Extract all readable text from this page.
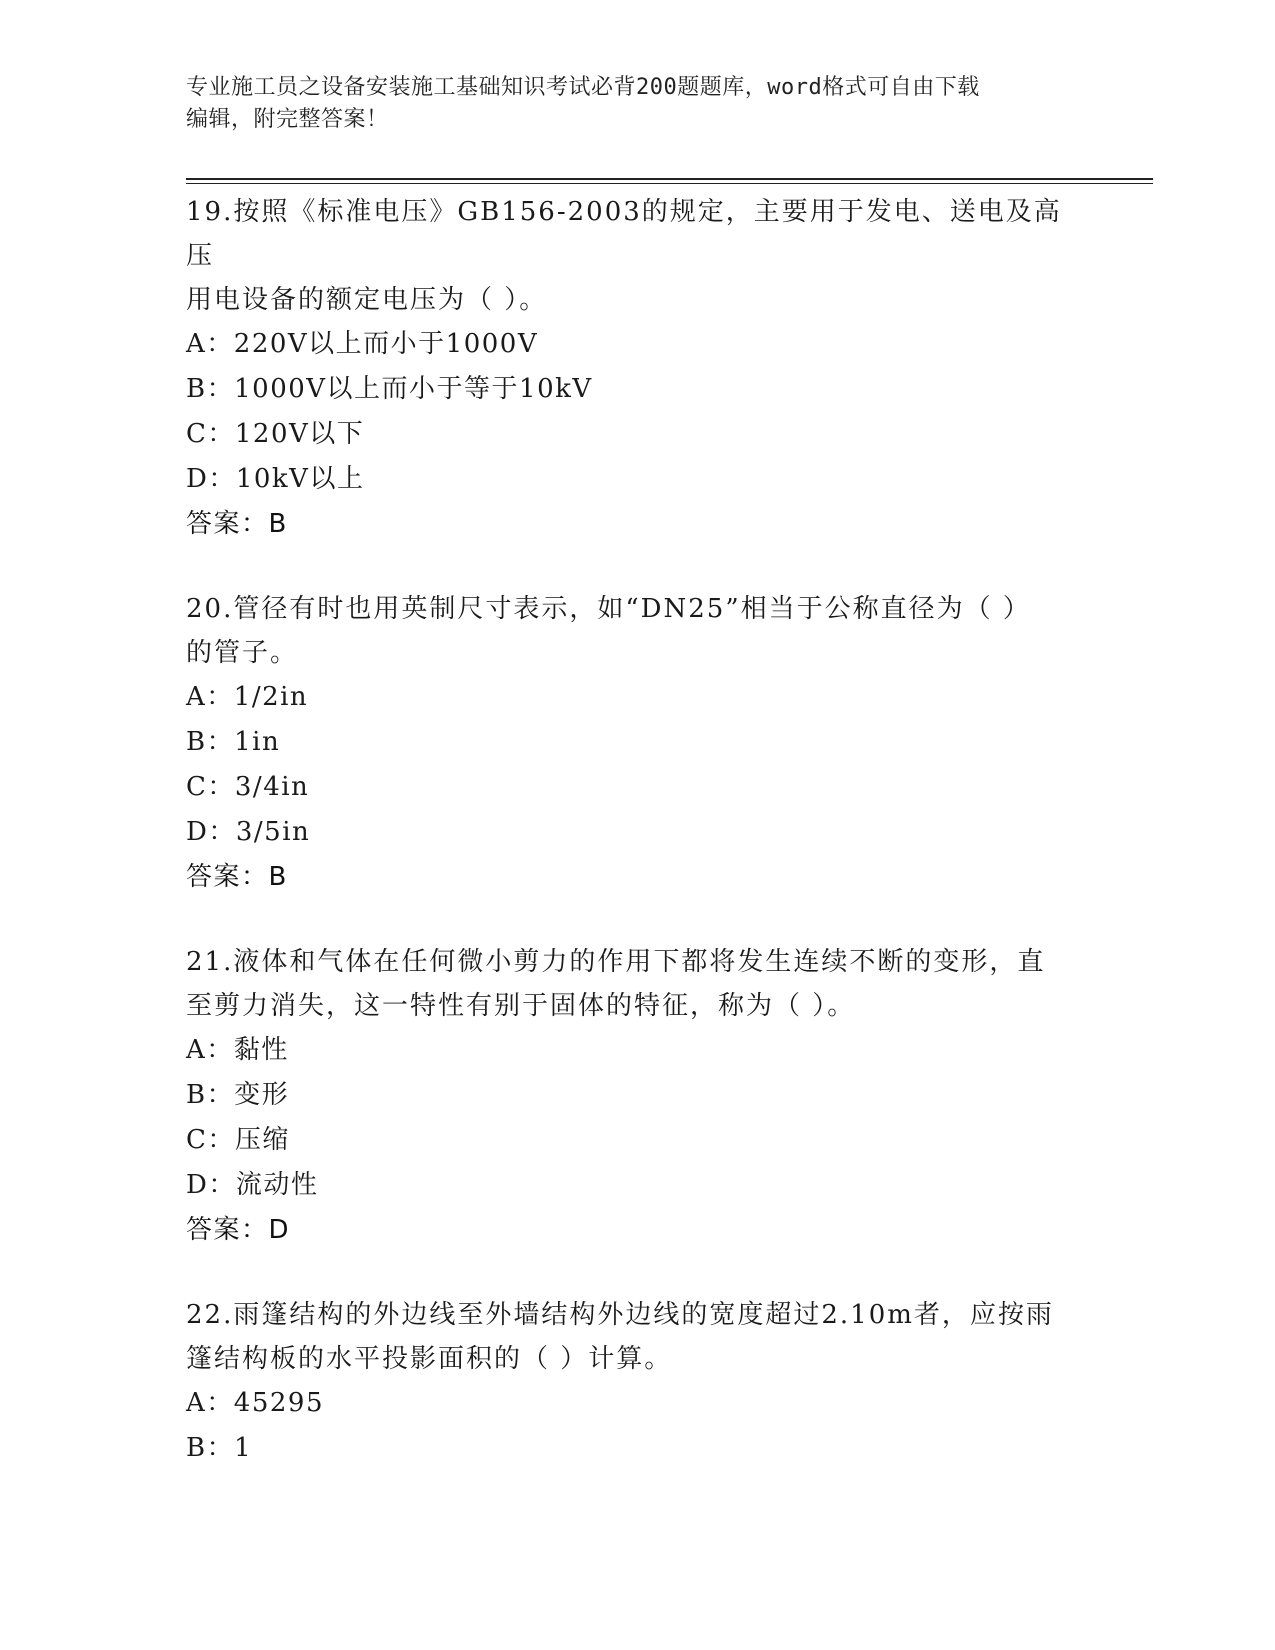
专业施工员之设备安装施工基础知识考试必背200题题库，word格式可自由下载
编辑，附完整答案！
19.按照《标准电压》GB156-2003的规定，主要用于发电、送电及高压
用电设备的额定电压为（ ）。
A：220V以上而小于1000V
B：1000V以上而小于等于10kV
C：120V以下
D：10kV以上
答案：B
20.管径有时也用英制尺寸表示，如“DN25”相当于公称直径为（ ）
的管子。
A：1/2in
B：1in
C：3/4in
D：3/5in
答案：B
21.液体和气体在任何微小剪力的作用下都将发生连续不断的变形，直
至剪力消失，这一特性有别于固体的特征，称为（ ）。
A：黏性
B：变形
C：压缩
D：流动性
答案：D
22.雨篷结构的外边线至外墙结构外边线的宽度超过2.10m者，应按雨
篷结构板的水平投影面积的（ ）计算。
A：45295
B：1
